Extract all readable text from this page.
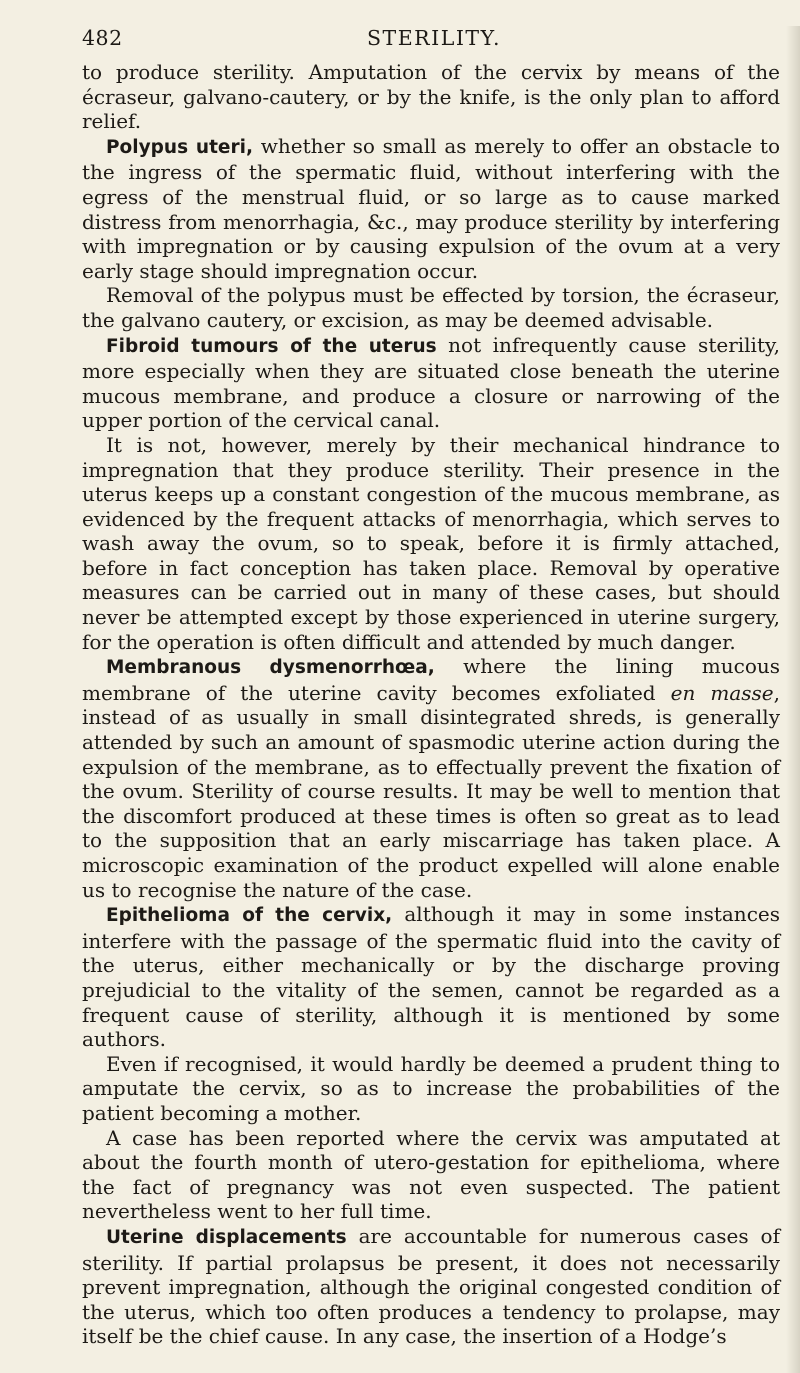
482	STERILITY.

to produce sterility. Amputation of the cervix by means of the écraseur, galvano-cautery, or by the knife, is the only plan to afford relief.

Polypus uteri, whether so small as merely to offer an obstacle to the ingress of the spermatic fluid, without interfering with the egress of the menstrual fluid, or so large as to cause marked distress from menorrhagia, &c., may produce sterility by interfering with impregnation or by causing expulsion of the ovum at a very early stage should impregnation occur.

Removal of the polypus must be effected by torsion, the écraseur, the galvano cautery, or excision, as may be deemed advisable.

Fibroid tumours of the uterus not infrequently cause sterility, more especially when they are situated close beneath the uterine mucous membrane, and produce a closure or narrowing of the upper portion of the cervical canal.

It is not, however, merely by their mechanical hindrance to impregnation that they produce sterility. Their presence in the uterus keeps up a constant congestion of the mucous membrane, as evidenced by the frequent attacks of menorrhagia, which serves to wash away the ovum, so to speak, before it is firmly attached, before in fact conception has taken place. Removal by operative measures can be carried out in many of these cases, but should never be attempted except by those experienced in uterine surgery, for the operation is often difficult and attended by much danger.

Membranous dysmenorrhœa, where the lining mucous membrane of the uterine cavity becomes exfoliated en masse, instead of as usually in small disintegrated shreds, is generally attended by such an amount of spasmodic uterine action during the expulsion of the membrane, as to effectually prevent the fixation of the ovum. Sterility of course results. It may be well to mention that the discomfort produced at these times is often so great as to lead to the supposition that an early miscarriage has taken place. A microscopic examination of the product expelled will alone enable us to recognise the nature of the case.

Epithelioma of the cervix, although it may in some instances interfere with the passage of the spermatic fluid into the cavity of the uterus, either mechanically or by the discharge proving prejudicial to the vitality of the semen, cannot be regarded as a frequent cause of sterility, although it is mentioned by some authors.

Even if recognised, it would hardly be deemed a prudent thing to amputate the cervix, so as to increase the probabilities of the patient becoming a mother.

A case has been reported where the cervix was amputated at about the fourth month of utero-gestation for epithelioma, where the fact of pregnancy was not even suspected. The patient nevertheless went to her full time.

Uterine displacements are accountable for numerous cases of sterility. If partial prolapsus be present, it does not necessarily prevent impregnation, although the original congested condition of the uterus, which too often produces a tendency to prolapse, may itself be the chief cause. In any case, the insertion of a Hodge’s
